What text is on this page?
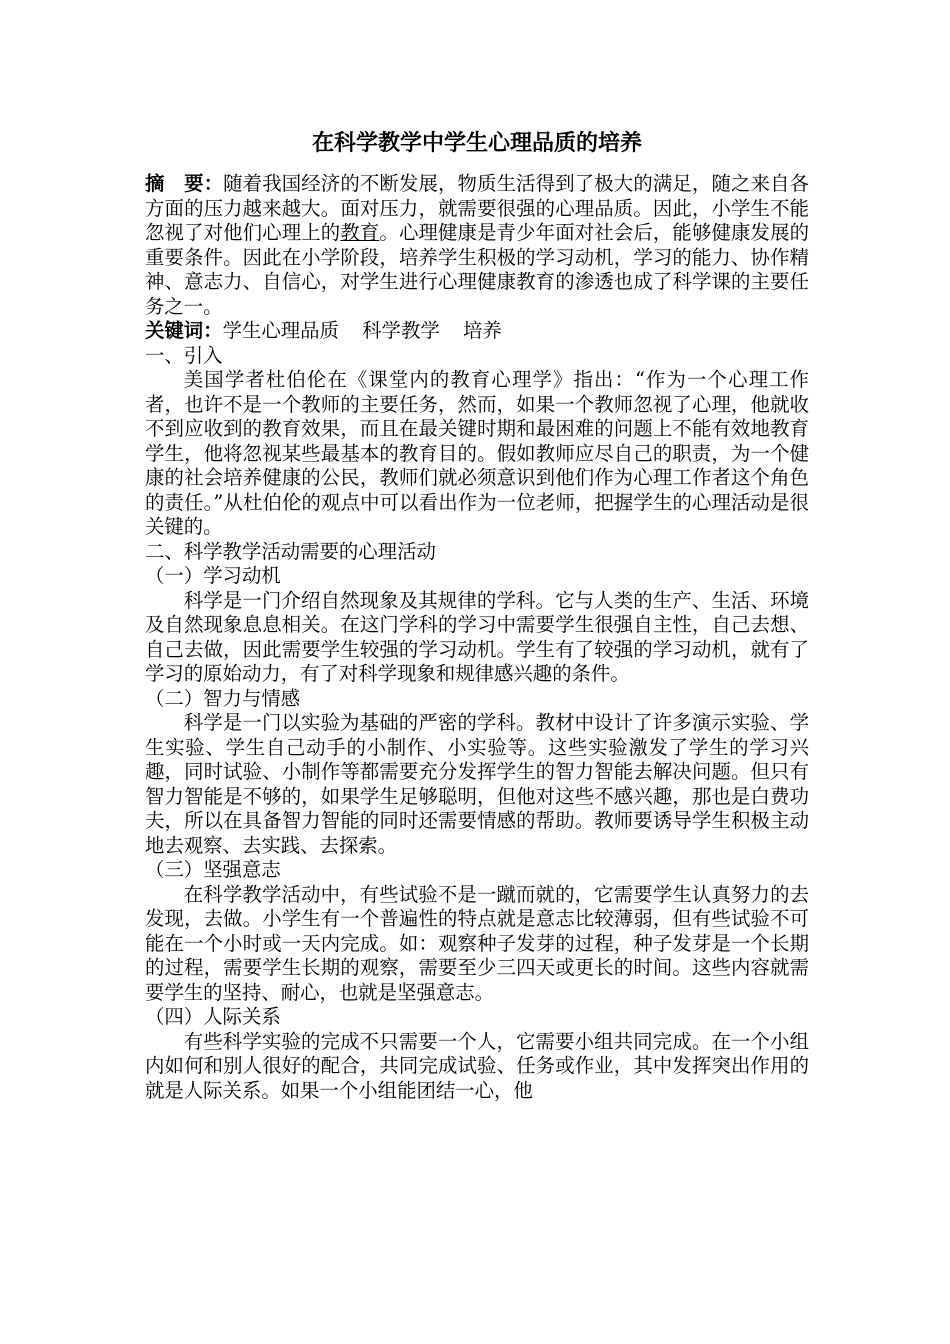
在科学教学中学生心理品质的培养

摘　要：随着我国经济的不断发展，物质生活得到了极大的满足，随之来自各方面的压力越来越大。面对压力，就需要很强的心理品质。因此，小学生不能忽视了对他们心理上的教育。心理健康是青少年面对社会后，能够健康发展的重要条件。因此在小学阶段，培养学生积极的学习动机，学习的能力、协作精神、意志力、自信心，对学生进行心理健康教育的渗透也成了科学课的主要任务之一。

关键词：学生心理品质 科学教学 培养

一、引入

美国学者杜伯伦在《课堂内的教育心理学》指出：“作为一个心理工作者，也许不是一个教师的主要任务，然而，如果一个教师忽视了心理，他就收不到应收到的教育效果，而且在最关键时期和最困难的问题上不能有效地教育学生，他将忽视某些最基本的教育目的。假如教师应尽自己的职责，为一个健康的社会培养健康的公民，教师们就必须意识到他们作为心理工作者这个角色的责任。”从杜伯伦的观点中可以看出作为一位老师，把握学生的心理活动是很关键的。

二、科学教学活动需要的心理活动

（一）学习动机

科学是一门介绍自然现象及其规律的学科。它与人类的生产、生活、环境及自然现象息息相关。在这门学科的学习中需要学生很强自主性，自己去想、自己去做，因此需要学生较强的学习动机。学生有了较强的学习动机，就有了学习的原始动力，有了对科学现象和规律感兴趣的条件。

（二）智力与情感

科学是一门以实验为基础的严密的学科。教材中设计了许多演示实验、学生实验、学生自己动手的小制作、小实验等。这些实验激发了学生的学习兴趣，同时试验、小制作等都需要充分发挥学生的智力智能去解决问题。但只有智力智能是不够的，如果学生足够聪明，但他对这些不感兴趣，那也是白费功夫，所以在具备智力智能的同时还需要情感的帮助。教师要诱导学生积极主动地去观察、去实践、去探索。

（三）坚强意志

在科学教学活动中，有些试验不是一蹴而就的，它需要学生认真努力的去发现，去做。小学生有一个普遍性的特点就是意志比较薄弱，但有些试验不可能在一个小时或一天内完成。如：观察种子发芽的过程，种子发芽是一个长期的过程，需要学生长期的观察，需要至少三四天或更长的时间。这些内容就需要学生的坚持、耐心，也就是坚强意志。

（四）人际关系

有些科学实验的完成不只需要一个人，它需要小组共同完成。在一个小组内如何和别人很好的配合，共同完成试验、任务或作业，其中发挥突出作用的就是人际关系。如果一个小组能团结一心，他
